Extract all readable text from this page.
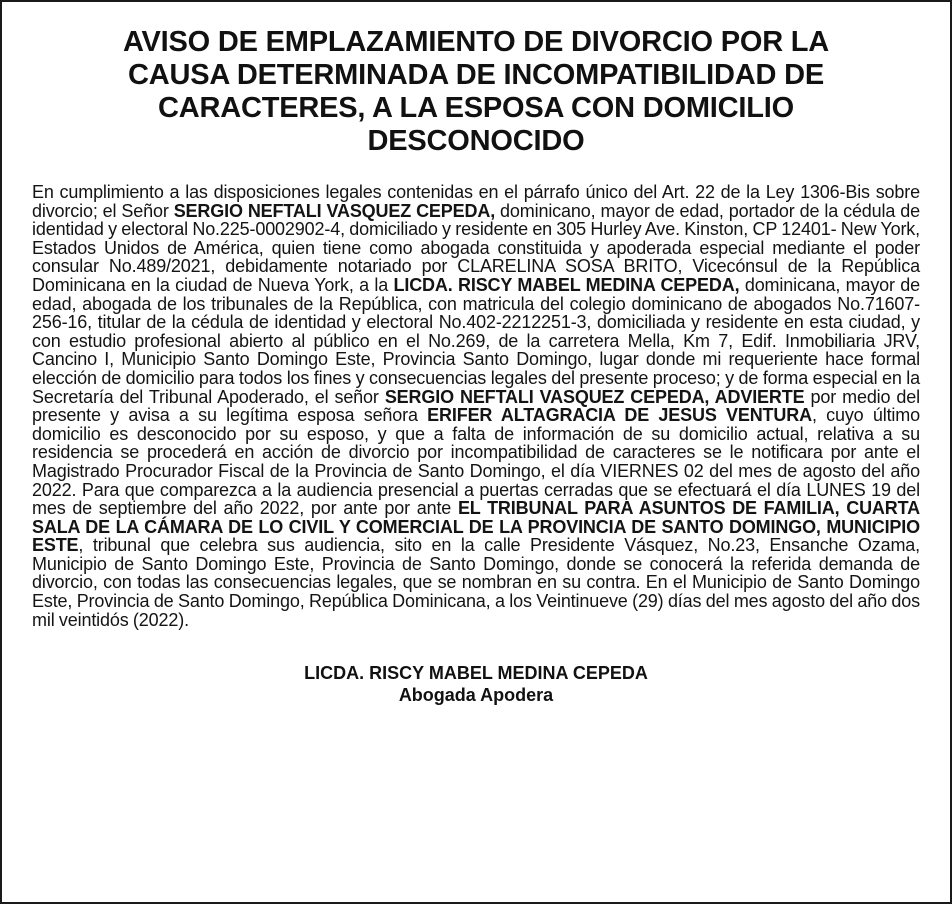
AVISO DE EMPLAZAMIENTO DE DIVORCIO POR LA
CAUSA DETERMINADA DE INCOMPATIBILIDAD DE
CARACTERES, A LA ESPOSA CON DOMICILIO
DESCONOCIDO

En cumplimiento a las disposiciones legales contenidas en el párrafo único del Art. 22 de la Ley 1306-Bis sobre divorcio; el Señor SERGIO NEFTALI VASQUEZ CEPEDA, dominicano, mayor de edad, portador de la cédula de identidad y electoral No.225-0002902-4, domiciliado y residente en 305 Hurley Ave. Kinston, CP 12401- New York, Estados Unidos de América, quien tiene como abogada constituida y apoderada especial mediante el poder consular No.489/2021, debidamente notariado por CLARELINA SOSA BRITO, Vicecónsul de la República Dominicana en la ciudad de Nueva York, a la LICDA. RISCY MABEL MEDINA CEPEDA, dominicana, mayor de edad, abogada de los tribunales de la República, con matricula del colegio dominicano de abogados No.71607-256-16, titular de la cédula de identidad y electoral No.402-2212251-3, domiciliada y residente en esta ciudad, y con estudio profesional abierto al público en el No.269, de la carretera Mella, Km 7, Edif. Inmobiliaria JRV, Cancino I, Municipio Santo Domingo Este, Provincia Santo Domingo, lugar donde mi requeriente hace formal elección de domicilio para todos los fines y consecuencias legales del presente proceso; y de forma especial en la Secretaría del Tribunal Apoderado, el señor SERGIO NEFTALI VASQUEZ CEPEDA, ADVIERTE por medio del presente y avisa a su legítima esposa señora ERIFER ALTAGRACIA DE JESUS VENTURA, cuyo último domicilio es desconocido por su esposo, y que a falta de información de su domicilio actual, relativa a su residencia se procederá en acción de divorcio por incompatibilidad de caracteres se le notificara por ante el Magistrado Procurador Fiscal de la Provincia de Santo Domingo, el día VIERNES 02 del mes de agosto del año 2022. Para que comparezca a la audiencia presencial a puertas cerradas que se efectuará el día LUNES 19 del mes de septiembre del año 2022, por ante por ante EL TRIBUNAL PARA ASUNTOS DE FAMILIA, CUARTA SALA DE LA CÁMARA DE LO CIVIL Y COMERCIAL DE LA PROVINCIA DE SANTO DOMINGO, MUNICIPIO ESTE, tribunal que celebra sus audiencia, sito en la calle Presidente Vásquez, No.23, Ensanche Ozama, Municipio de Santo Domingo Este, Provincia de Santo Domingo, donde se conocerá la referida demanda de divorcio, con todas las consecuencias legales, que se nombran en su contra. En el Municipio de Santo Domingo Este, Provincia de Santo Domingo, República Dominicana, a los Veintinueve (29) días del mes agosto del año dos mil veintidós (2022).

LICDA. RISCY MABEL MEDINA CEPEDA
Abogada Apodera
